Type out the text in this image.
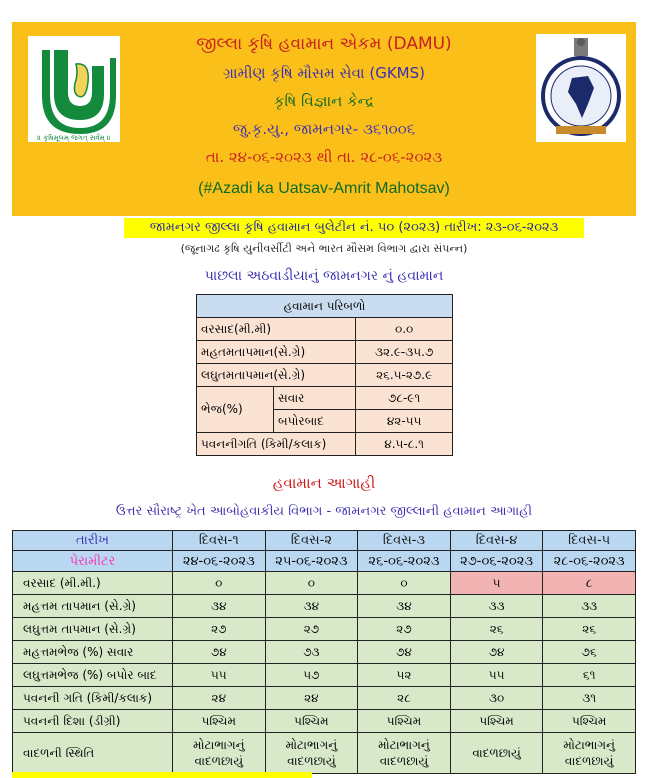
॥ કૃષિમૂલમ્ જગત્ સર્વમ્ ॥
જીલ્લા કૃષિ હવામાન એકમ (DAMU)
ગ્રામીણ કૃષિ મૌસમ સેવા (GKMS)
કૃષિ વિજ્ઞાન કેન્દ્ર
જુ.કૃ.યુ., જામનગર- ૩૬૧૦૦૬
તા. ૨૪-૦૬-૨૦૨૩ થી તા. ૨૮-૦૬-૨૦૨૩
(#Azadi ka Uatsav-Amrit Mahotsav)
જામનગર જીલ્લા કૃષિ હવામાન બુલેટીન નં. ૫૦ (૨૦૨૩) તારીખ: ૨૩-૦૬-૨૦૨૩
(જૂનાગઢ કૃષિ યુનીવર્સીટી અને ભારત મૌસમ વિભાગ દ્વારા સંપન્ન)
પાછલા અઠવાડીયાનું જામનગર નું હવામાન
હવામાન પરિબળો		
વરસાદ(મી.મી)		૦.૦
મહતમતાપમાન(સે.ગ્રે)		૩૨.૯-૩૫.૭
લઘુતમતાપમાન(સે.ગ્રે)		૨૬.૫-૨૭.૯
ભેજ(%)	સવાર	૭૮-૯૧
	બપોરબાદ	૪૨-૫૫
પવનનીગતિ (કિમી/કલાક)		૪.૫-૮.૧
હવામાન આગાહી
ઉત્તર સૌરાષ્ટ્ર ખેત આબોહવાકીય વિભાગ - જામનગર જીલ્લાની હવામાન આગાહી
તારીખ	દિવસ-૧	દિવસ-૨	દિવસ-૩	દિવસ-૪	દિવસ-૫
પેરામીટર	૨૪-૦૬-૨૦૨૩	૨૫-૦૬-૨૦૨૩	૨૬-૦૬-૨૦૨૩	૨૭-૦૬-૨૦૨૩	૨૮-૦૬-૨૦૨૩
વરસાદ (મી.મી.)	૦	૦	૦	૫	૮
મહત્તમ તાપમાન (સે.ગ્રે)	૩૪	૩૪	૩૪	૩૩	૩૩
લઘુત્તમ તાપમાન (સે.ગ્રે)	૨૭	૨૭	૨૭	૨૬	૨૬
મહત્તમભેજ (%) સવાર	૭૪	૭૩	૭૪	૭૪	૭૬
લઘુત્તમભેજ (%) બપોર બાદ	૫૫	૫૭	૫૨	૫૫	૬૧
પવનની ગતિ (કિમી/કલાક)	૨૪	૨૪	૨૮	૩૦	૩૧
પવનની દિશા (ડીગ્રી)	પશ્ચિમ	પશ્ચિમ	પશ્ચિમ	પશ્ચિમ	પશ્ચિમ
વાદળની સ્થિતિ	મોટાભાગનું વાદળછાયું	મોટાભાગનું વાદળછાયું	મોટાભાગનું વાદળછાયું	વાદળછાયું	મોટાભાગનું વાદળછાયું
